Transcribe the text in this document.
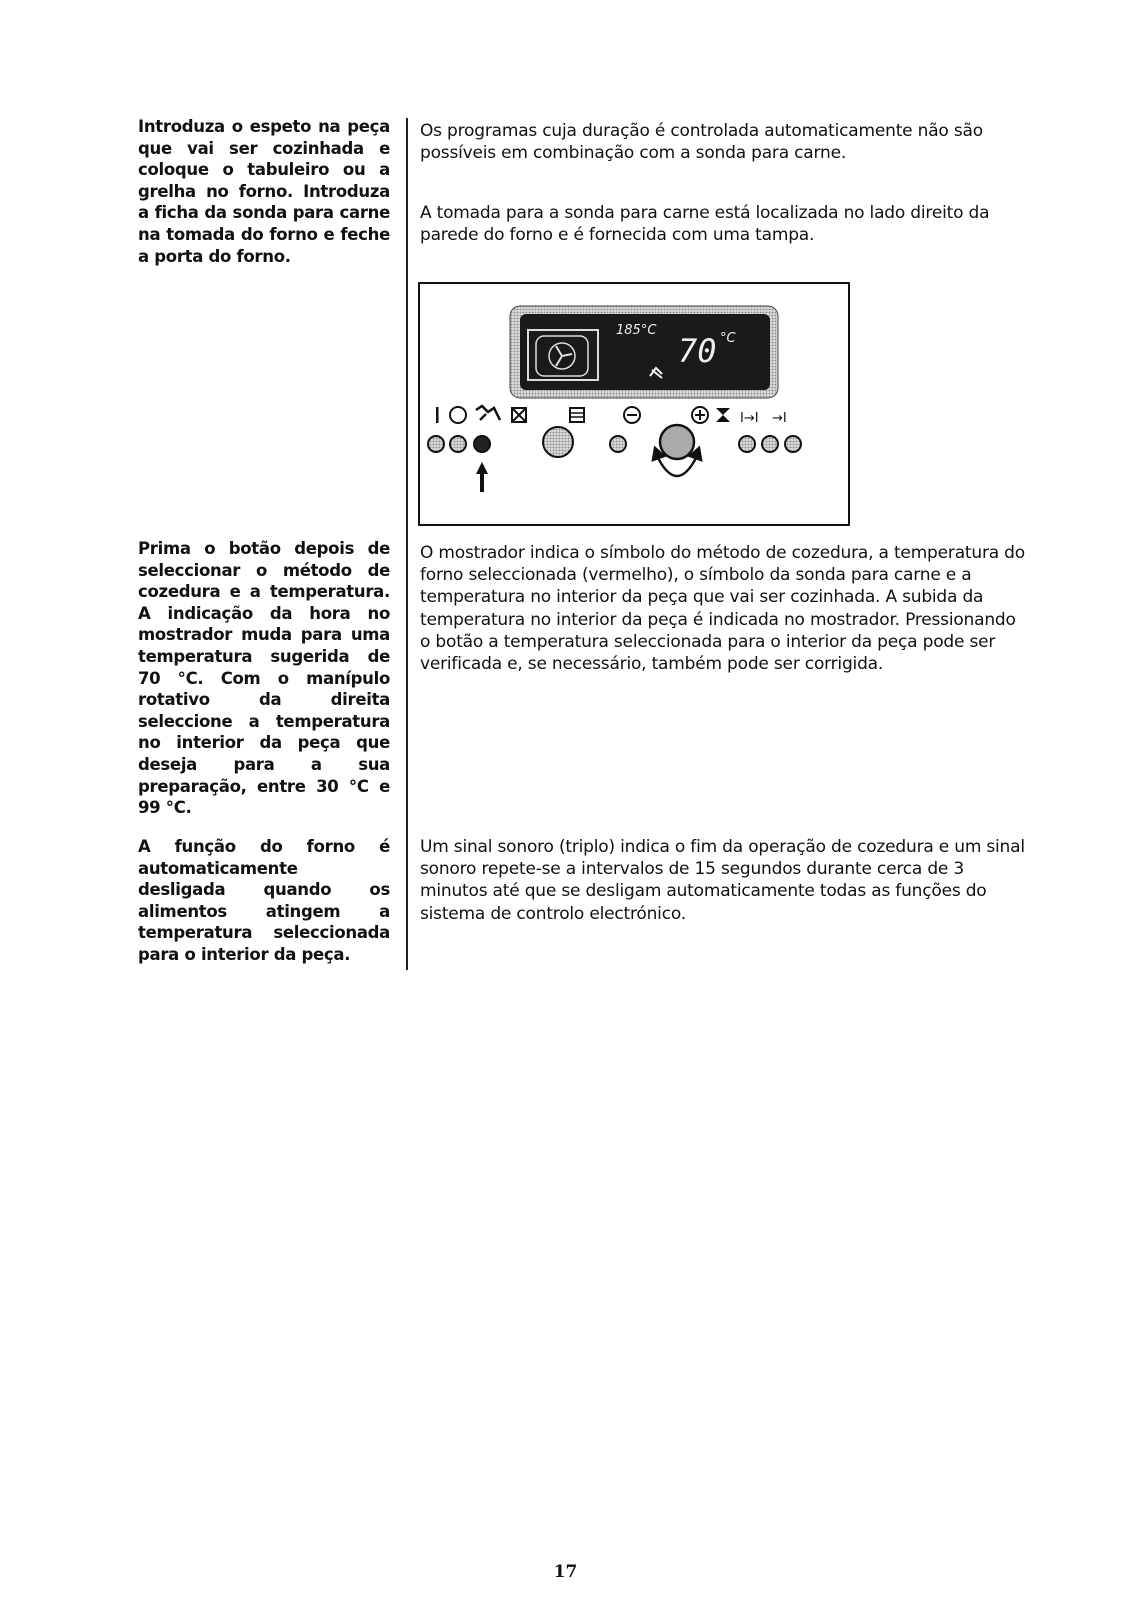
Introduza o espeto na peça que vai ser cozinhada e coloque o tabuleiro ou a grelha no forno. Introduza a ficha da sonda para carne na tomada do forno e feche a porta do forno.
Prima o botão depois de seleccionar o método de cozedura e a temperatura. A indicação da hora no mostrador muda para uma temperatura sugerida de 70 °C. Com o manípulo rotativo da direita seleccione a temperatura no interior da peça que deseja para a sua preparação, entre 30 °C e 99 °C.
A função do forno é automaticamente desligada quando os alimentos atingem a temperatura seleccionada para o interior da peça.

Os programas cuja duração é controlada automaticamente não são possíveis em combinação com a sonda para carne.

A tomada para a sonda para carne está localizada no lado direito da parede do forno e é fornecida com uma tampa.

O mostrador indica o símbolo do método de cozedura, a temperatura do forno seleccionada (vermelho), o símbolo da sonda para carne e a temperatura no interior da peça que vai ser cozinhada. A subida da temperatura no interior da peça é indicada no mostrador. Pressionando o botão a temperatura seleccionada para o interior da peça pode ser verificada e, se necessário, também pode ser corrigida.

Um sinal sonoro (triplo) indica o fim da operação de cozedura e um sinal sonoro repete-se a intervalos de 15 segundos durante cerca de 3 minutos até que se desligam automaticamente todas as funções do sistema de controlo electrónico.

185°C
70 °C
I→I →I
17
